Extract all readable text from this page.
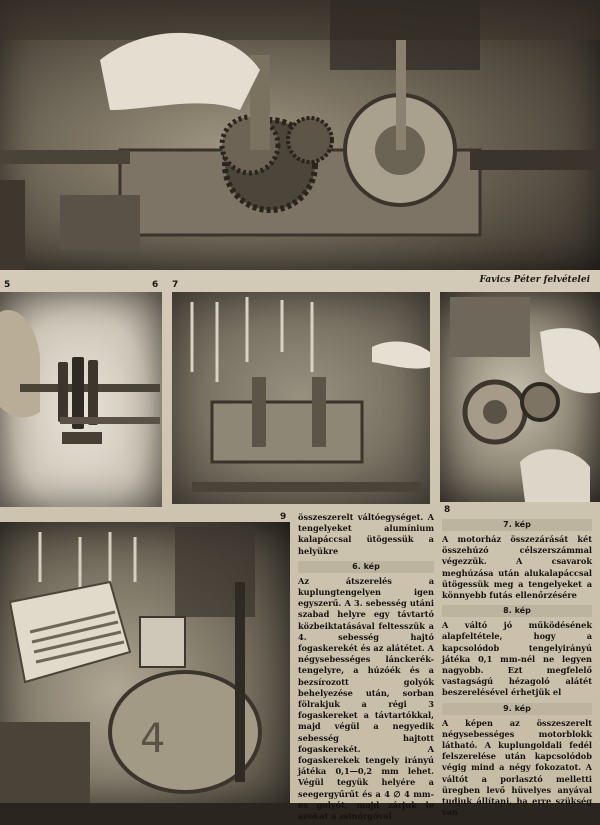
5	6 7	Favics Péter felvételei
8
9
4

összeszerelt váltóegységet. A tengelyeket alumínium kalapáccsal ütögessük a helyükre

6. kép

Az átszerelés a kuplungtengelyen igen egyszerű. A 3. sebesség utáni szabad helyre egy távtartó közbeiktatásával feltesszük a 4. sebesség hajtó fogaskerekét és az alátétet. A négysebességes lánckerék-tengelyre, a húzóék és a bezsírozott golyók behelyezése után, sorban fölrakjuk a régi 3 fogaskereket a távtartókkal, majd végül a negyedik sebesség hajtott fogaskerekét. A fogaskerekek tengely irányú játéka 0,1—0,2 mm lehet. Végül tegyük helyére a seegergyűrűt és a 4 ∅ 4 mm-es golyót, majd zárjuk le azokat a zsinórgóval

7. kép

A motorház összezárását két összehúzó célszerszámmal végezzük. A csavarok meghúzása után alukalapáccsal ütögessük meg a tengelyeket a könnyebb futás ellenőrzésére

8. kép

A váltó jó működésének alapfeltétele, hogy a kapcsolódob tengelyirányú játéka 0,1 mm-nél ne legyen nagyobb. Ezt megfelelő vastagságú hézagoló alátét beszerelésével érhetjük el

9. kép

A képen az összeszerelt négysebességes motorblokk látható. A kuplungoldali fedél felszerelése után kapcsolódob végig mind a négy fokozatot. A váltót a porlasztó melletti üregben levő hüvelyes anyával tudjuk állítani, ha erre szükség van
